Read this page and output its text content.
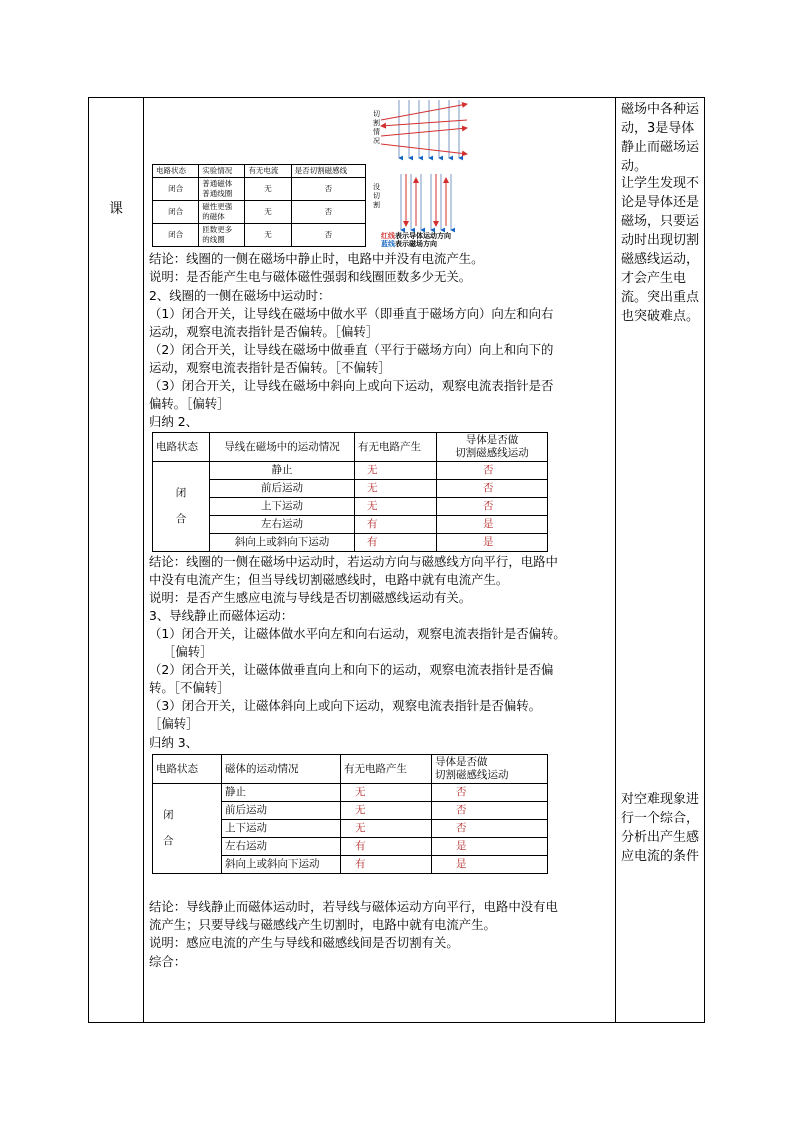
课
切
割
情
况
没
切
割
红线表示导体运动方向
蓝线表示磁场方向
电路状态	实验情况	有无电流	是否切割磁感线
闭合	普通磁体
普通线圈	无	否
闭合	磁性更强
的磁体	无	否
闭合	匝数更多
的线圈	无	否
结论：线圈的一侧在磁场中静止时，电路中并没有电流产生。
说明：是否能产生电与磁体磁性强弱和线圈匝数多少无关。
2、线圈的一侧在磁场中运动时：
（1）闭合开关，让导线在磁场中做水平（即垂直于磁场方向）向左和向右
运动，观察电流表指针是否偏转。［偏转］
（2）闭合开关，让导线在磁场中做垂直（平行于磁场方向）向上和向下的
运动，观察电流表指针是否偏转。［不偏转］
（3）闭合开关，让导线在磁场中斜向上或向下运动，观察电流表指针是否
偏转。［偏转］
归纳 2、
电路状态	导线在磁场中的运动情况	有无电路产生	导体是否做
切割磁感线运动
闭

合	静止	无	否
	前后运动	无	否
	上下运动	无	否
	左右运动	有	是
	斜向上或斜向下运动	有	是
结论：线圈的一侧在磁场中运动时，若运动方向与磁感线方向平行，电路中
中没有电流产生；但当导线切割磁感线时，电路中就有电流产生。
说明：是否产生感应电流与导线是否切割磁感线运动有关。
3、导线静止而磁体运动：
（1）闭合开关，让磁体做水平向左和向右运动，观察电流表指针是否偏转。
［偏转］
（2）闭合开关，让磁体做垂直向上和向下的运动，观察电流表指针是否偏
转。［不偏转］
（3）闭合开关，让磁体斜向上或向下运动，观察电流表指针是否偏转。
［偏转］
归纳 3、
电路状态	磁体的运动情况	有无电路产生	导体是否做
切割磁感线运动
闭

合	静止	无	否
	前后运动	无	否
	上下运动	无	否
	左右运动	有	是
	斜向上或斜向下运动	有	是
结论：导线静止而磁体运动时，若导线与磁体运动方向平行，电路中没有电
流产生；只要导线与磁感线产生切割时，电路中就有电流产生。
说明：感应电流的产生与导线和磁感线间是否切割有关。
综合：
磁场中各种运动，3是导体静止而磁场运动。
让学生发现不论是导体还是磁场，只要运动时出现切割磁感线运动，才会产生电流。突出重点也突破难点。
对空难现象进行一个综合，分析出产生感应电流的条件
